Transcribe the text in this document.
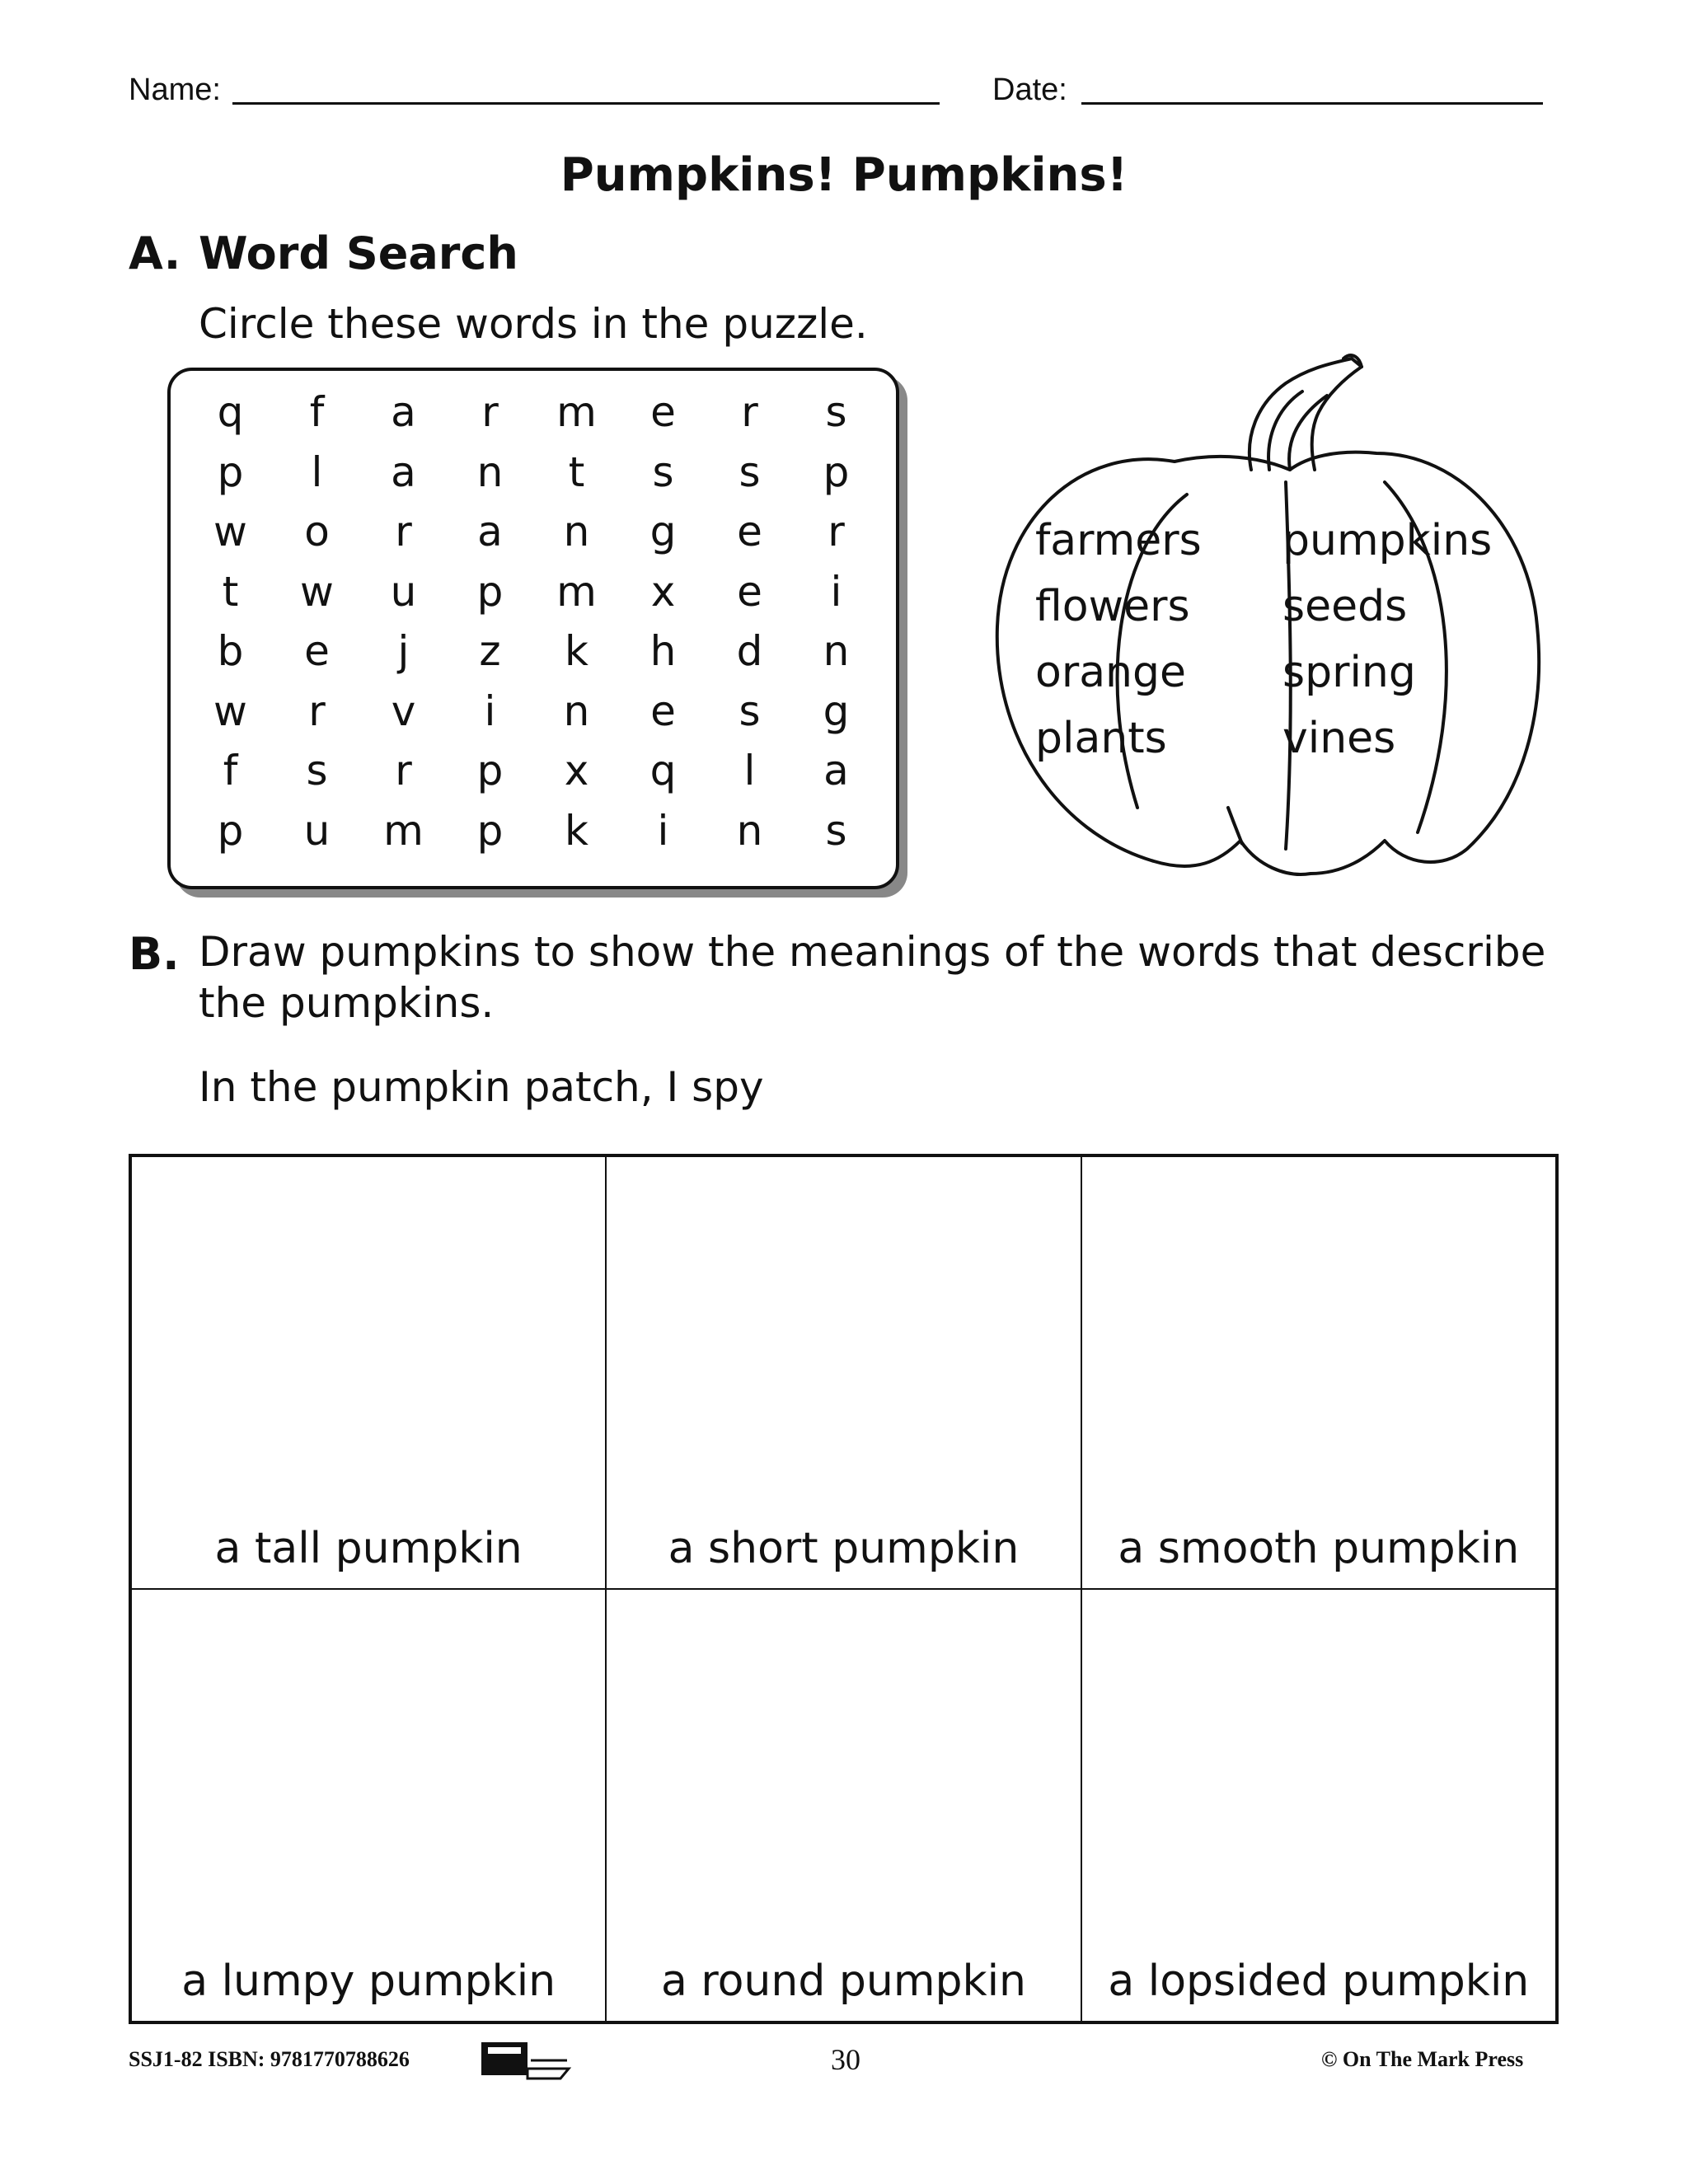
Name:	Date:
Pumpkins! Pumpkins!
A. Word Search
Circle these words in the puzzle.
q	f	a	r	m	e	r	s
p	l	a	n	t	s	s	p
w	o	r	a	n	g	e	r
t	w	u	p	m	x	e	i
b	e	j	z	k	h	d	n
w	r	v	i	n	e	s	g
f	s	r	p	x	q	l	a
p	u	m	p	k	i	n	s
farmers	pumpkins
flowers	seeds
orange	spring
plants	vines
B. Draw pumpkins to show the meanings of the words that describe
the pumpkins.
In the pumpkin patch, I spy
a tall pumpkin	a short pumpkin	a smooth pumpkin
a lumpy pumpkin	a round pumpkin	a lopsided pumpkin
SSJ1-82 ISBN: 9781770788626	30	© On The Mark Press
